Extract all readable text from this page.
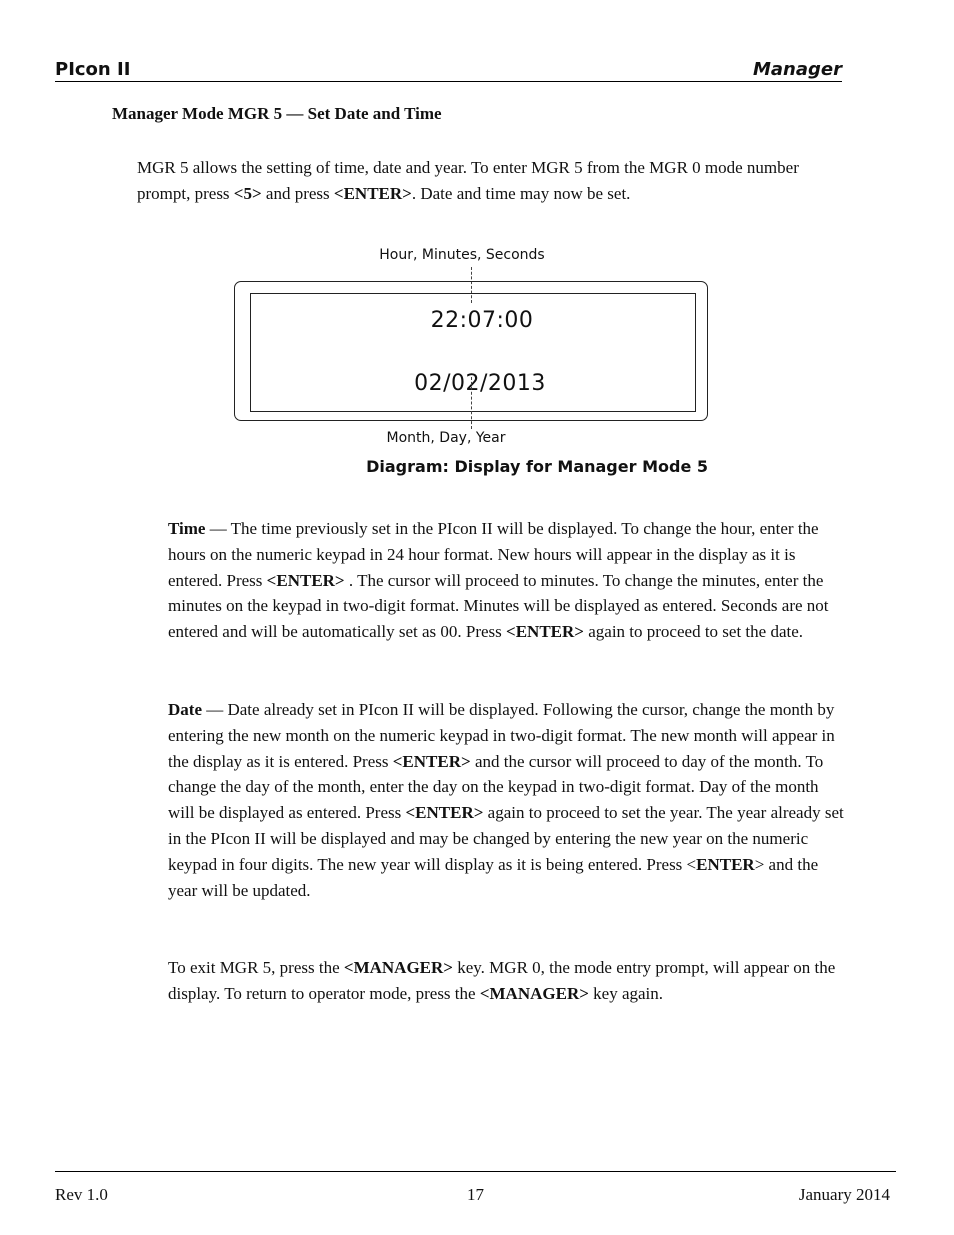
PIcon II	Manager
Manager Mode MGR 5 — Set Date and Time

MGR 5 allows the setting of time, date and year. To enter MGR 5 from the MGR 0 mode number prompt, press <5> and press <ENTER>. Date and time may now be set.

Hour, Minutes, Seconds
22:07:00
02/02/2013
Month, Day, Year
Diagram: Display for Manager Mode 5

Time — The time previously set in the PIcon II will be displayed. To change the hour, enter the hours on the numeric keypad in 24 hour format. New hours will appear in the display as it is entered. Press <ENTER> . The cursor will proceed to minutes. To change the minutes, enter the minutes on the keypad in two-digit format. Minutes will be displayed as entered. Seconds are not entered and will be automatically set as 00. Press <ENTER> again to proceed to set the date.

Date — Date already set in PIcon II will be displayed. Following the cursor, change the month by entering the new month on the numeric keypad in two-digit format. The new month will appear in the display as it is entered. Press <ENTER> and the cursor will proceed to day of the month. To change the day of the month, enter the day on the keypad in two-digit format. Day of the month will be displayed as entered. Press <ENTER> again to proceed to set the year. The year already set in the PIcon II will be displayed and may be changed by entering the new year on the numeric keypad in four digits. The new year will display as it is being entered. Press <ENTER> and the year will be updated.

To exit MGR 5, press the <MANAGER> key. MGR 0, the mode entry prompt, will appear on the display. To return to operator mode, press the <MANAGER> key again.

Rev 1.0	17	January 2014
